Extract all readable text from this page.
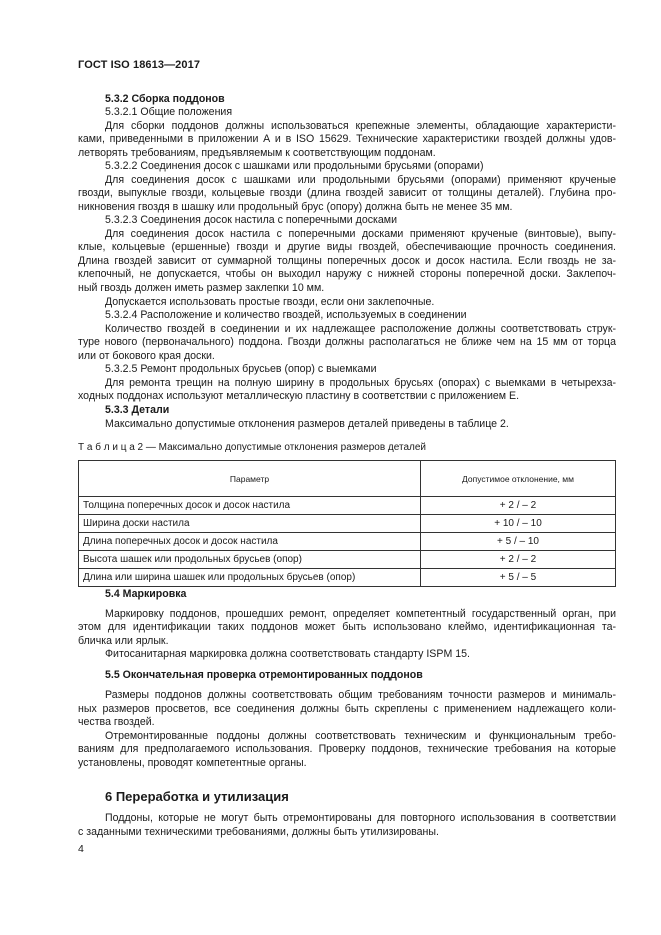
ГОСТ ISO 18613—2017
5.3.2 Сборка поддонов
5.3.2.1 Общие положения
Для сборки поддонов должны использоваться крепежные элементы, обладающие характеристи-
ками, приведенными в приложении А и в ISO 15629. Технические характеристики гвоздей должны удов-
летворять требованиям, предъявляемым к соответствующим поддонам.
5.3.2.2 Соединения досок с шашками или продольными брусьями (опорами)
Для соединения досок с шашками или продольными брусьями (опорами) применяют крученые
гвозди, выпуклые гвозди, кольцевые гвозди (длина гвоздей зависит от толщины деталей). Глубина про-
никновения гвоздя в шашку или продольный брус (опору) должна быть не менее 35 мм.
5.3.2.3 Соединения досок настила с поперечными досками
Для соединения досок настила с поперечными досками применяют крученые (винтовые), выпу-
клые, кольцевые (ершенные) гвозди и другие виды гвоздей, обеспечивающие прочность соединения.
Длина гвоздей зависит от суммарной толщины поперечных досок и досок настила. Если гвоздь не за-
клепочный, не допускается, чтобы он выходил наружу с нижней стороны поперечной доски. Заклепоч-
ный гвоздь должен иметь размер заклепки 10 мм.
Допускается использовать простые гвозди, если они заклепочные.
5.3.2.4 Расположение и количество гвоздей, используемых в соединении
Количество гвоздей в соединении и их надлежащее расположение должны соответствовать струк-
туре нового (первоначального) поддона. Гвозди должны располагаться не ближе чем на 15 мм от торца
или от бокового края доски.
5.3.2.5 Ремонт продольных брусьев (опор) с выемками
Для ремонта трещин на полную ширину в продольных брусьях (опорах) с выемками в четырехза-
ходных поддонах используют металлическую пластину в соответствии с приложением Е.
5.3.3 Детали
Максимально допустимые отклонения размеров деталей приведены в таблице 2.
5.4 Маркировка
Маркировку поддонов, прошедших ремонт, определяет компетентный государственный орган, при
этом для идентификации таких поддонов может быть использовано клеймо, идентификационная та-
бличка или ярлык.
Фитосанитарная маркировка должна соответствовать стандарту ISPM 15.
5.5 Окончательная проверка отремонтированных поддонов
Размеры поддонов должны соответствовать общим требованиям точности размеров и минималь-
ных размеров просветов, все соединения должны быть скреплены с применением надлежащего коли-
чества гвоздей.
Отремонтированные поддоны должны соответствовать техническим и функциональным требо-
ваниям для предполагаемого использования. Проверку поддонов, технические требования на которые
установлены, проводят компетентные органы.
Поддоны, которые не могут быть отремонтированы для повторного использования в соответствии
с заданными техническими требованиями, должны быть утилизированы.
Т а б л и ц а 2 — Максимально допустимые отклонения размеров деталей
Параметр	Допустимое отклонение, мм
Толщина поперечных досок и досок настила	+ 2 / – 2
Ширина доски настила	+ 10 / – 10
Длина поперечных досок и досок настила	+ 5 / – 10
Высота шашек или продольных брусьев (опор)	+ 2 / – 2
Длина или ширина шашек или продольных брусьев (опор)	+ 5 / – 5
6 Переработка и утилизация
4
